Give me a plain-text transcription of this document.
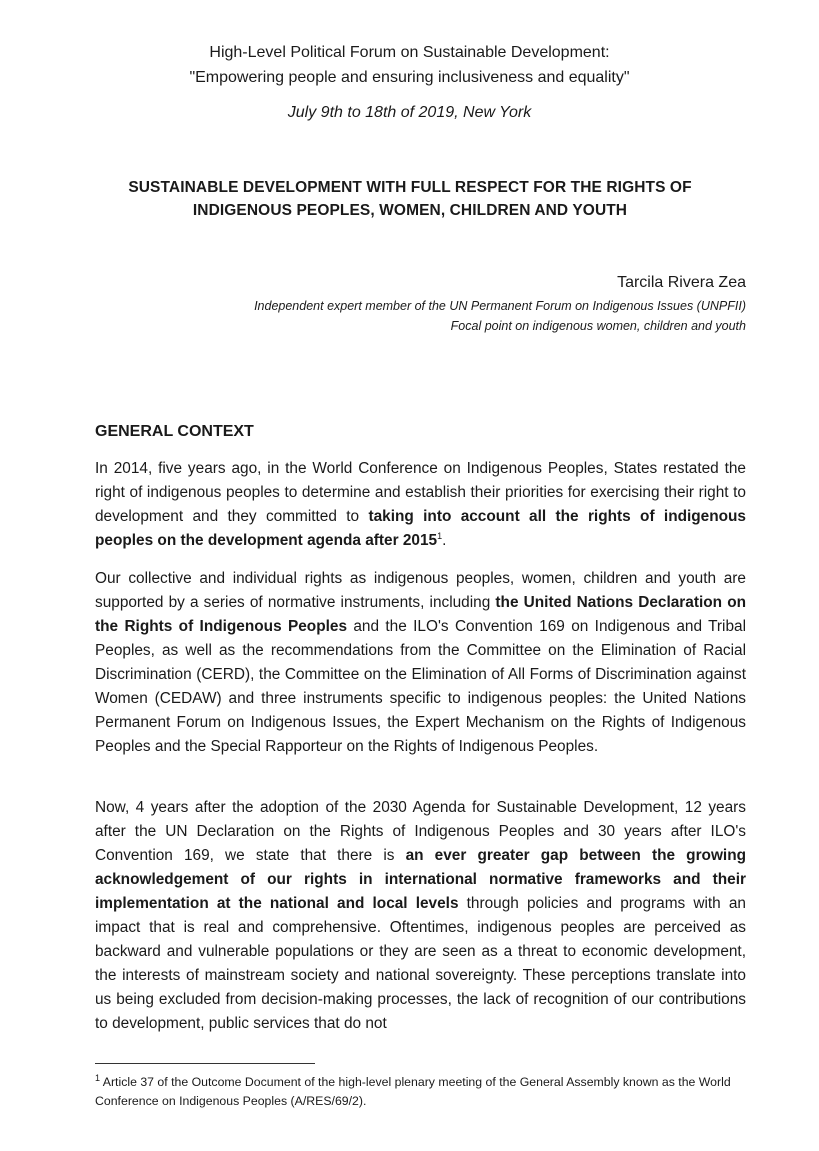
High-Level Political Forum on Sustainable Development:
"Empowering people and ensuring inclusiveness and equality"
July 9th to 18th of 2019, New York
SUSTAINABLE DEVELOPMENT WITH FULL RESPECT FOR THE RIGHTS OF
INDIGENOUS PEOPLES, WOMEN, CHILDREN AND YOUTH
Tarcila Rivera Zea
Independent expert member of the UN Permanent Forum on Indigenous Issues (UNPFII)
Focal point on indigenous women, children and youth
GENERAL CONTEXT
In 2014, five years ago, in the World Conference on Indigenous Peoples, States restated the right of indigenous peoples to determine and establish their priorities for exercising their right to development and they committed to taking into account all the rights of indigenous peoples on the development agenda after 2015$^1$.
Our collective and individual rights as indigenous peoples, women, children and youth are supported by a series of normative instruments, including the United Nations Declaration on the Rights of Indigenous Peoples and the ILO's Convention 169 on Indigenous and Tribal Peoples, as well as the recommendations from the Committee on the Elimination of Racial Discrimination (CERD), the Committee on the Elimination of All Forms of Discrimination against Women (CEDAW) and three instruments specific to indigenous peoples: the United Nations Permanent Forum on Indigenous Issues, the Expert Mechanism on the Rights of Indigenous Peoples and the Special Rapporteur on the Rights of Indigenous Peoples.
Now, 4 years after the adoption of the 2030 Agenda for Sustainable Development, 12 years after the UN Declaration on the Rights of Indigenous Peoples and 30 years after ILO's Convention 169, we state that there is an ever greater gap between the growing acknowledgement of our rights in international normative frameworks and their implementation at the national and local levels through policies and programs with an impact that is real and comprehensive. Oftentimes, indigenous peoples are perceived as backward and vulnerable populations or they are seen as a threat to economic development, the interests of mainstream society and national sovereignty. These perceptions translate into us being excluded from decision-making processes, the lack of recognition of our contributions to development, public services that do not
$^1$ Article 37 of the Outcome Document of the high-level plenary meeting of the General Assembly known as the World Conference on Indigenous Peoples (A/RES/69/2).
